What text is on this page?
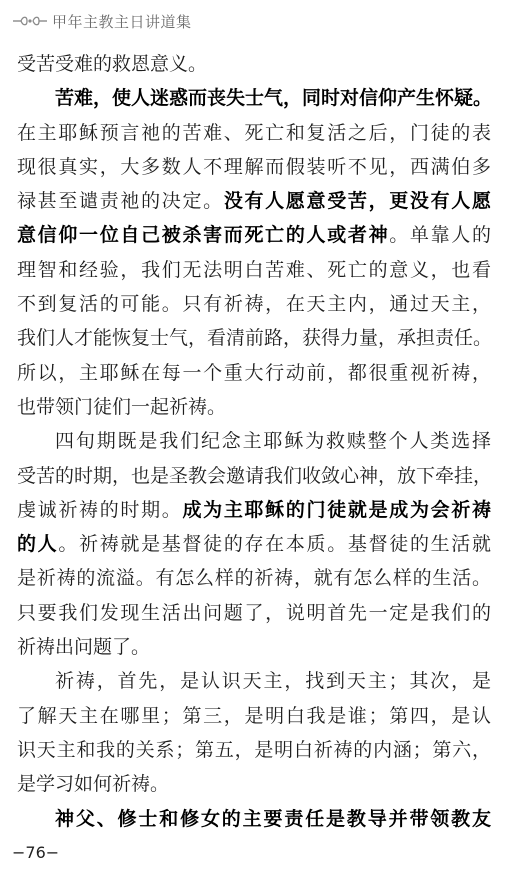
甲年主教主日讲道集
受苦受难的救恩意义。
苦难，使人迷惑而丧失士气，同时对信仰产生怀疑。
在主耶稣预言祂的苦难、死亡和复活之后，门徒的表
现很真实，大多数人不理解而假装听不见，西满伯多
禄甚至谴责祂的决定。没有人愿意受苦，更没有人愿
意信仰一位自己被杀害而死亡的人或者神。单靠人的
理智和经验，我们无法明白苦难、死亡的意义，也看
不到复活的可能。只有祈祷，在天主内，通过天主，
我们人才能恢复士气，看清前路，获得力量，承担责任。
所以，主耶稣在每一个重大行动前，都很重视祈祷，
也带领门徒们一起祈祷。
四旬期既是我们纪念主耶稣为救赎整个人类选择
受苦的时期，也是圣教会邀请我们收敛心神，放下牵挂，
虔诚祈祷的时期。成为主耶稣的门徒就是成为会祈祷
的人。祈祷就是基督徒的存在本质。基督徒的生活就
是祈祷的流溢。有怎么样的祈祷，就有怎么样的生活。
只要我们发现生活出问题了，说明首先一定是我们的
祈祷出问题了。
祈祷，首先，是认识天主，找到天主；其次，是
了解天主在哪里；第三，是明白我是谁；第四，是认
识天主和我的关系；第五，是明白祈祷的内涵；第六，
是学习如何祈祷。
神父、修士和修女的主要责任是教导并带领教友
−76−
